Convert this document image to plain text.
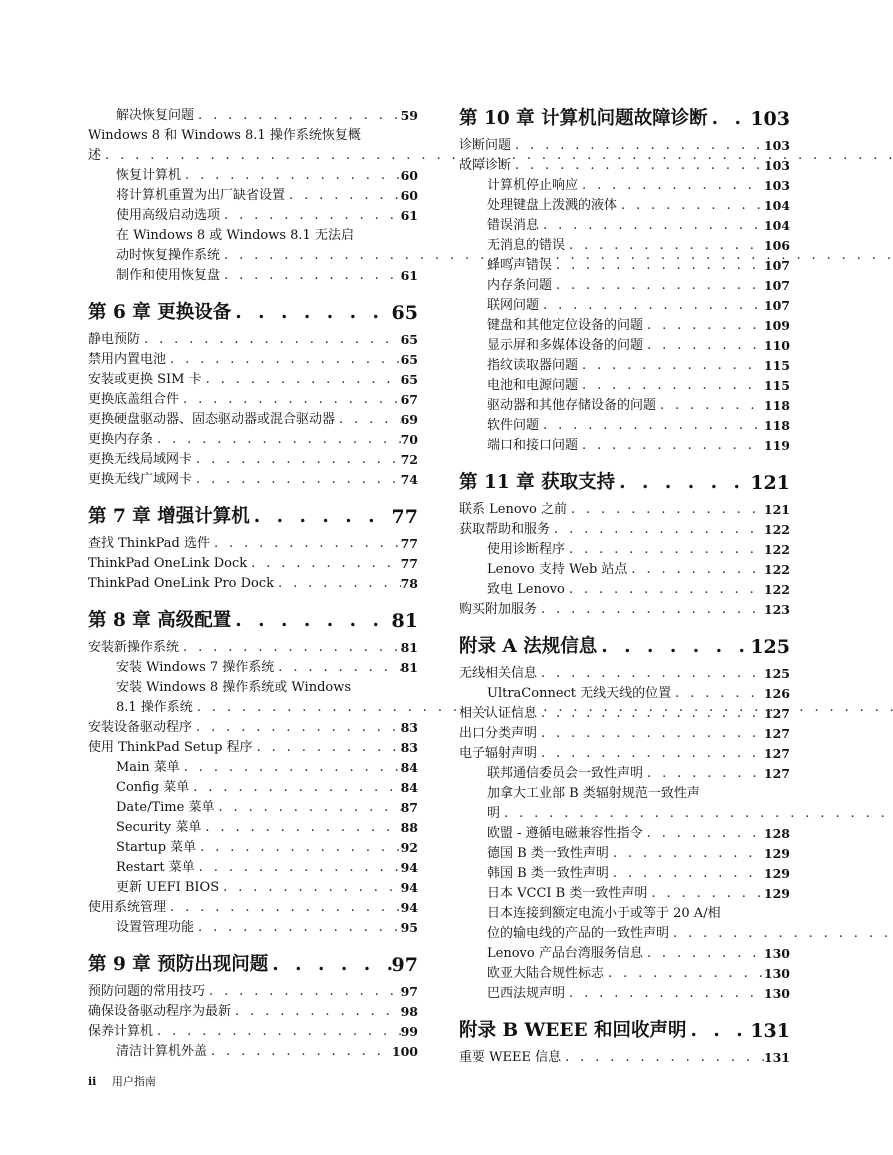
解决恢复问题 . . .	59
Windows 8 和 Windows 8.1 操作系统恢复概
述
. . .
恢复计算机 . . .	60
将计算机重置为出厂缺省设置 . . .	60
使用高级启动选项 . . .	61
在 Windows 8 或 Windows 8.1 无法启
动时恢复操作系统
. . .
制作和使用恢复盘 . . .	61
第 6 章 更换设备 . . .	65
静电预防 . . .	65
禁用内置电池 . . .	65
安装或更换 SIM 卡 . . .	65
更换底盖组合件 . . .	67
更换硬盘驱动器、固态驱动器或混合驱动器 . . .	69
更换内存条 . . .	70
更换无线局域网卡 . . .	72
更换无线广域网卡 . . .	74
第 7 章 增强计算机 . . .	77
查找 ThinkPad 选件 . . .	77
ThinkPad OneLink Dock . . .	77
ThinkPad OneLink Pro Dock . . .	78
第 8 章 高级配置 . . .	81
安装新操作系统 . . .	81
安装 Windows 7 操作系统 . . .	81
安装 Windows 8 操作系统或 Windows
8.1 操作系统
. . .
安装设备驱动程序 . . .	83
使用 ThinkPad Setup 程序 . . .	83
Main 菜单 . . .	84
Config 菜单 . . .	84
Date/Time 菜单 . . .	87
Security 菜单 . . .	88
Startup 菜单 . . .	92
Restart 菜单 . . .	94
更新 UEFI BIOS . . .	94
使用系统管理 . . .	94
设置管理功能 . . .	95
第 9 章 预防出现问题 . . .	97
预防问题的常用技巧 . . .	97
确保设备驱动程序为最新 . . .	98
保养计算机 . . .	99
清洁计算机外盖 . . .	100
第 10 章 计算机问题故障诊断 . . . 103
诊断问题 . . .	103
故障诊断 . . .	103
计算机停止响应 . . .	103
处理键盘上泼溅的液体 . . .	104
错误消息 . . .	104
无消息的错误 . . .	106
蜂鸣声错误 . . .	107
内存条问题 . . .	107
联网问题 . . .	107
键盘和其他定位设备的问题 . . .	109
显示屏和多媒体设备的问题 . . .	110
指纹读取器问题 . . .	115
电池和电源问题 . . .	115
驱动器和其他存储设备的问题 . . .	118
软件问题 . . .	118
端口和接口问题 . . .	119
第 11 章 获取支持 . . .	121
联系 Lenovo 之前 . . .	121
获取帮助和服务 . . .	122
使用诊断程序 . . .	122
Lenovo 支持 Web 站点 . . .	122
致电 Lenovo . . .	122
购买附加服务 . . .	123
附录 A 法规信息 . . .	125
无线相关信息 . . .	125
UltraConnect 无线天线的位置 . . .	126
相关认证信息 . . .	127
出口分类声明 . . .	127
电子辐射声明 . . .	127
联邦通信委员会一致性声明 . . .	127
加拿大工业部 B 类辐射规范一致性声
明
. . .
欧盟 - 遵循电磁兼容性指令 . . .	128
德国 B 类一致性声明 . . .	129
韩国 B 类一致性声明 . . .	129
日本 VCCI B 类一致性声明 . . .	129
日本连接到额定电流小于或等于 20 A/相
位的输电线的产品的一致性声明
. . .
Lenovo 产品台湾服务信息 . . .	130
欧亚大陆合规性标志 . . .	130
巴西法规声明 . . .	130
附录 B WEEE 和回收声明 . . .	131
重要 WEEE 信息 . . .	131
ii 用户指南
